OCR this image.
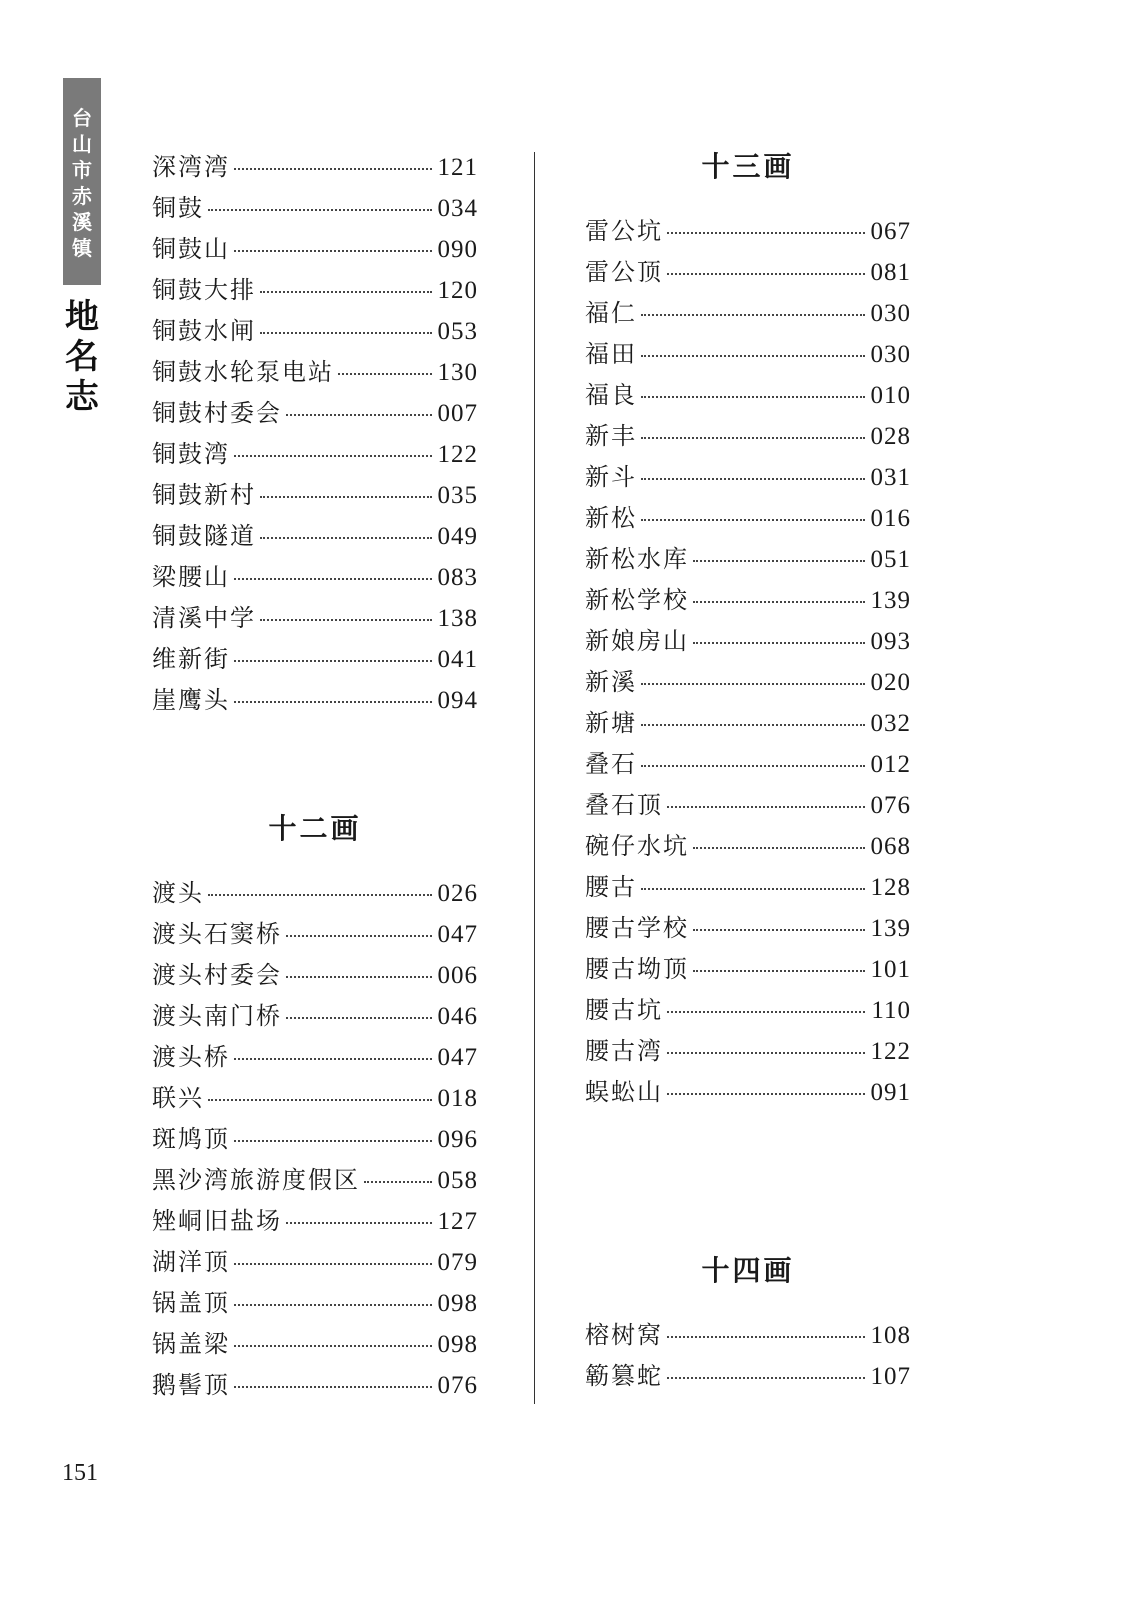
台
山
市
赤
溪
镇
地
名
志
深湾湾	121
铜鼓	034
铜鼓山	090
铜鼓大排	120
铜鼓水闸	053
铜鼓水轮泵电站	130
铜鼓村委会	007
铜鼓湾	122
铜鼓新村	035
铜鼓隧道	049
梁腰山	083
清溪中学	138
维新街	041
崖鹰头	094
十二画
渡头	026
渡头石窦桥	047
渡头村委会	006
渡头南门桥	046
渡头桥	047
联兴	018
斑鸠顶	096
黑沙湾旅游度假区	058
矬峒旧盐场	127
湖洋顶	079
锅盖顶	098
锅盖梁	098
鹅髻顶	076
十三画
雷公坑	067
雷公顶	081
福仁	030
福田	030
福良	010
新丰	028
新斗	031
新松	016
新松水库	051
新松学校	139
新娘房山	093
新溪	020
新塘	032
叠石	012
叠石顶	076
碗仔水坑	068
腰古	128
腰古学校	139
腰古坳顶	101
腰古坑	110
腰古湾	122
蜈蚣山	091
十四画
榕树窝	108
簕篡蛇	107
151
